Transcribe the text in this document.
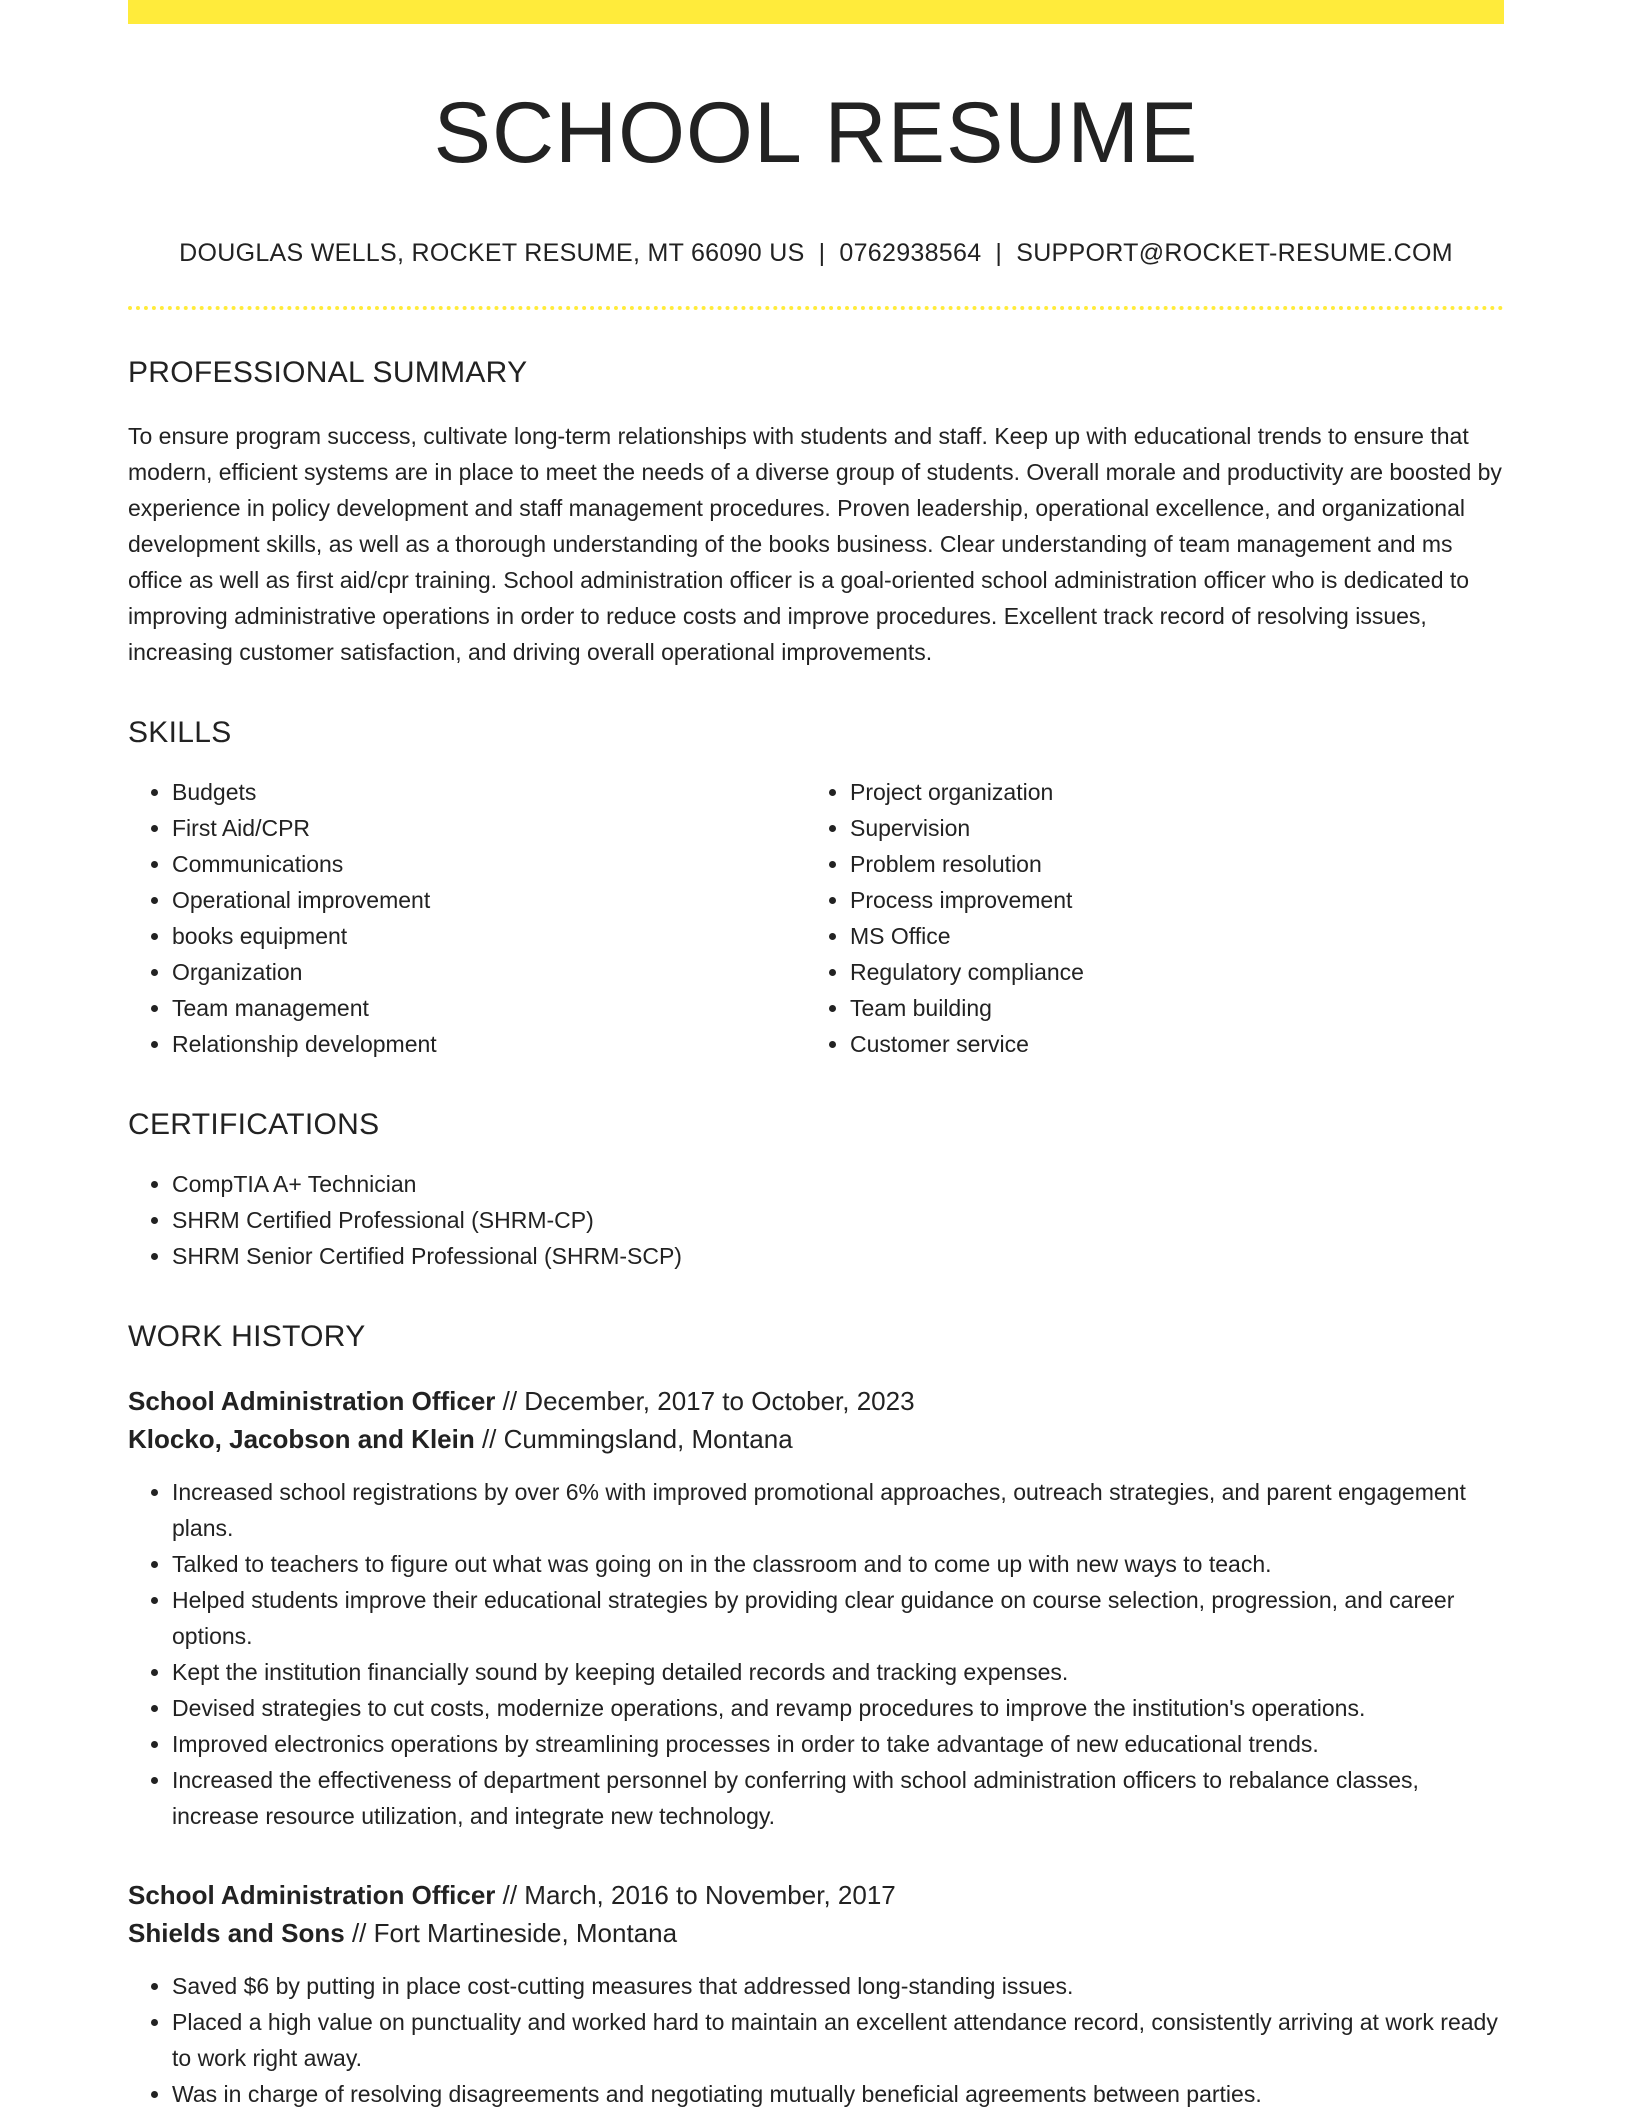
SCHOOL RESUME
DOUGLAS WELLS, ROCKET RESUME, MT 66090 US | 0762938564 | SUPPORT@ROCKET-RESUME.COM
PROFESSIONAL SUMMARY

To ensure program success, cultivate long-term relationships with students and staff. Keep up with educational trends to ensure that modern, efficient systems are in place to meet the needs of a diverse group of students. Overall morale and productivity are boosted by experience in policy development and staff management procedures. Proven leadership, operational excellence, and organizational development skills, as well as a thorough understanding of the books business. Clear understanding of team management and ms office as well as first aid/cpr training. School administration officer is a goal-oriented school administration officer who is dedicated to improving administrative operations in order to reduce costs and improve procedures. Excellent track record of resolving issues, increasing customer satisfaction, and driving overall operational improvements.

SKILLS
• Budgets
• First Aid/CPR
• Communications
• Operational improvement
• books equipment
• Organization
• Team management
• Relationship development
• Project organization
• Supervision
• Problem resolution
• Process improvement
• MS Office
• Regulatory compliance
• Team building
• Customer service
CERTIFICATIONS
• CompTIA A+ Technician
• SHRM Certified Professional (SHRM-CP)
• SHRM Senior Certified Professional (SHRM-SCP)
WORK HISTORY
School Administration Officer // December, 2017 to October, 2023
Klocko, Jacobson and Klein // Cummingsland, Montana
• Increased school registrations by over 6% with improved promotional approaches, outreach strategies, and parent engagement plans.
• Talked to teachers to figure out what was going on in the classroom and to come up with new ways to teach.
• Helped students improve their educational strategies by providing clear guidance on course selection, progression, and career options.
• Kept the institution financially sound by keeping detailed records and tracking expenses.
• Devised strategies to cut costs, modernize operations, and revamp procedures to improve the institution's operations.
• Improved electronics operations by streamlining processes in order to take advantage of new educational trends.
• Increased the effectiveness of department personnel by conferring with school administration officers to rebalance classes, increase resource utilization, and integrate new technology.
School Administration Officer // March, 2016 to November, 2017
Shields and Sons // Fort Martineside, Montana
• Saved $6 by putting in place cost-cutting measures that addressed long-standing issues.
• Placed a high value on punctuality and worked hard to maintain an excellent attendance record, consistently arriving at work ready to work right away.
• Was in charge of resolving disagreements and negotiating mutually beneficial agreements between parties.
